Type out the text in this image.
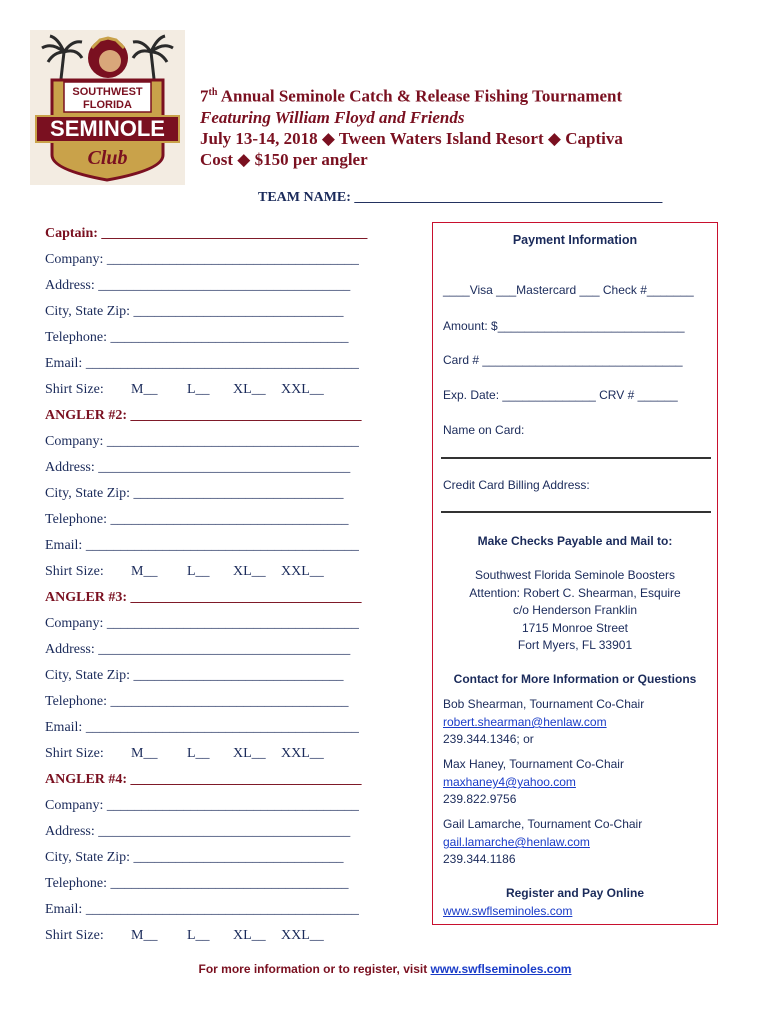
SOUTHWEST
FLORIDA
SEMINOLE
Club
7th Annual Seminole Catch & Release Fishing Tournament
Featuring William Floyd and Friends
July 13-14, 2018 ◆ Tween Waters Island Resort ◆ Captiva
Cost ◆ $150 per angler
TEAM NAME: ____________________________________________
Captain: ______________________________________
Company: ____________________________________
Address: ____________________________________
City, State Zip: ______________________________
Telephone: __________________________________
Email: _______________________________________
Shirt Size: M__ L__ XL__ XXL__
ANGLER #2: _________________________________
Company: ____________________________________
Address: ____________________________________
City, State Zip: ______________________________
Telephone: __________________________________
Email: _______________________________________
Shirt Size: M__ L__ XL__ XXL__
ANGLER #3: _________________________________
Company: ____________________________________
Address: ____________________________________
City, State Zip: ______________________________
Telephone: __________________________________
Email: _______________________________________
Shirt Size: M__ L__ XL__ XXL__
ANGLER #4: _________________________________
Company: ____________________________________
Address: ____________________________________
City, State Zip: ______________________________
Telephone: __________________________________
Email: _______________________________________
Shirt Size: M__ L__ XL__ XXL__
Payment Information
____Visa ___Mastercard ___ Check #_______
Amount: $____________________________
Card # ______________________________
Exp. Date: ______________ CRV # ______
Name on Card:
Credit Card Billing Address:
Make Checks Payable and Mail to:
Southwest Florida Seminole Boosters
Attention: Robert C. Shearman, Esquire
c/o Henderson Franklin
1715 Monroe Street
Fort Myers, FL 33901
Contact for More Information or Questions
Bob Shearman, Tournament Co-Chair
robert.shearman@henlaw.com
239.344.1346; or
Max Haney, Tournament Co-Chair
maxhaney4@yahoo.com
239.822.9756
Gail Lamarche, Tournament Co-Chair
gail.lamarche@henlaw.com
239.344.1186
Register and Pay Online
www.swflseminoles.com
For more information or to register, visit www.swflseminoles.com
